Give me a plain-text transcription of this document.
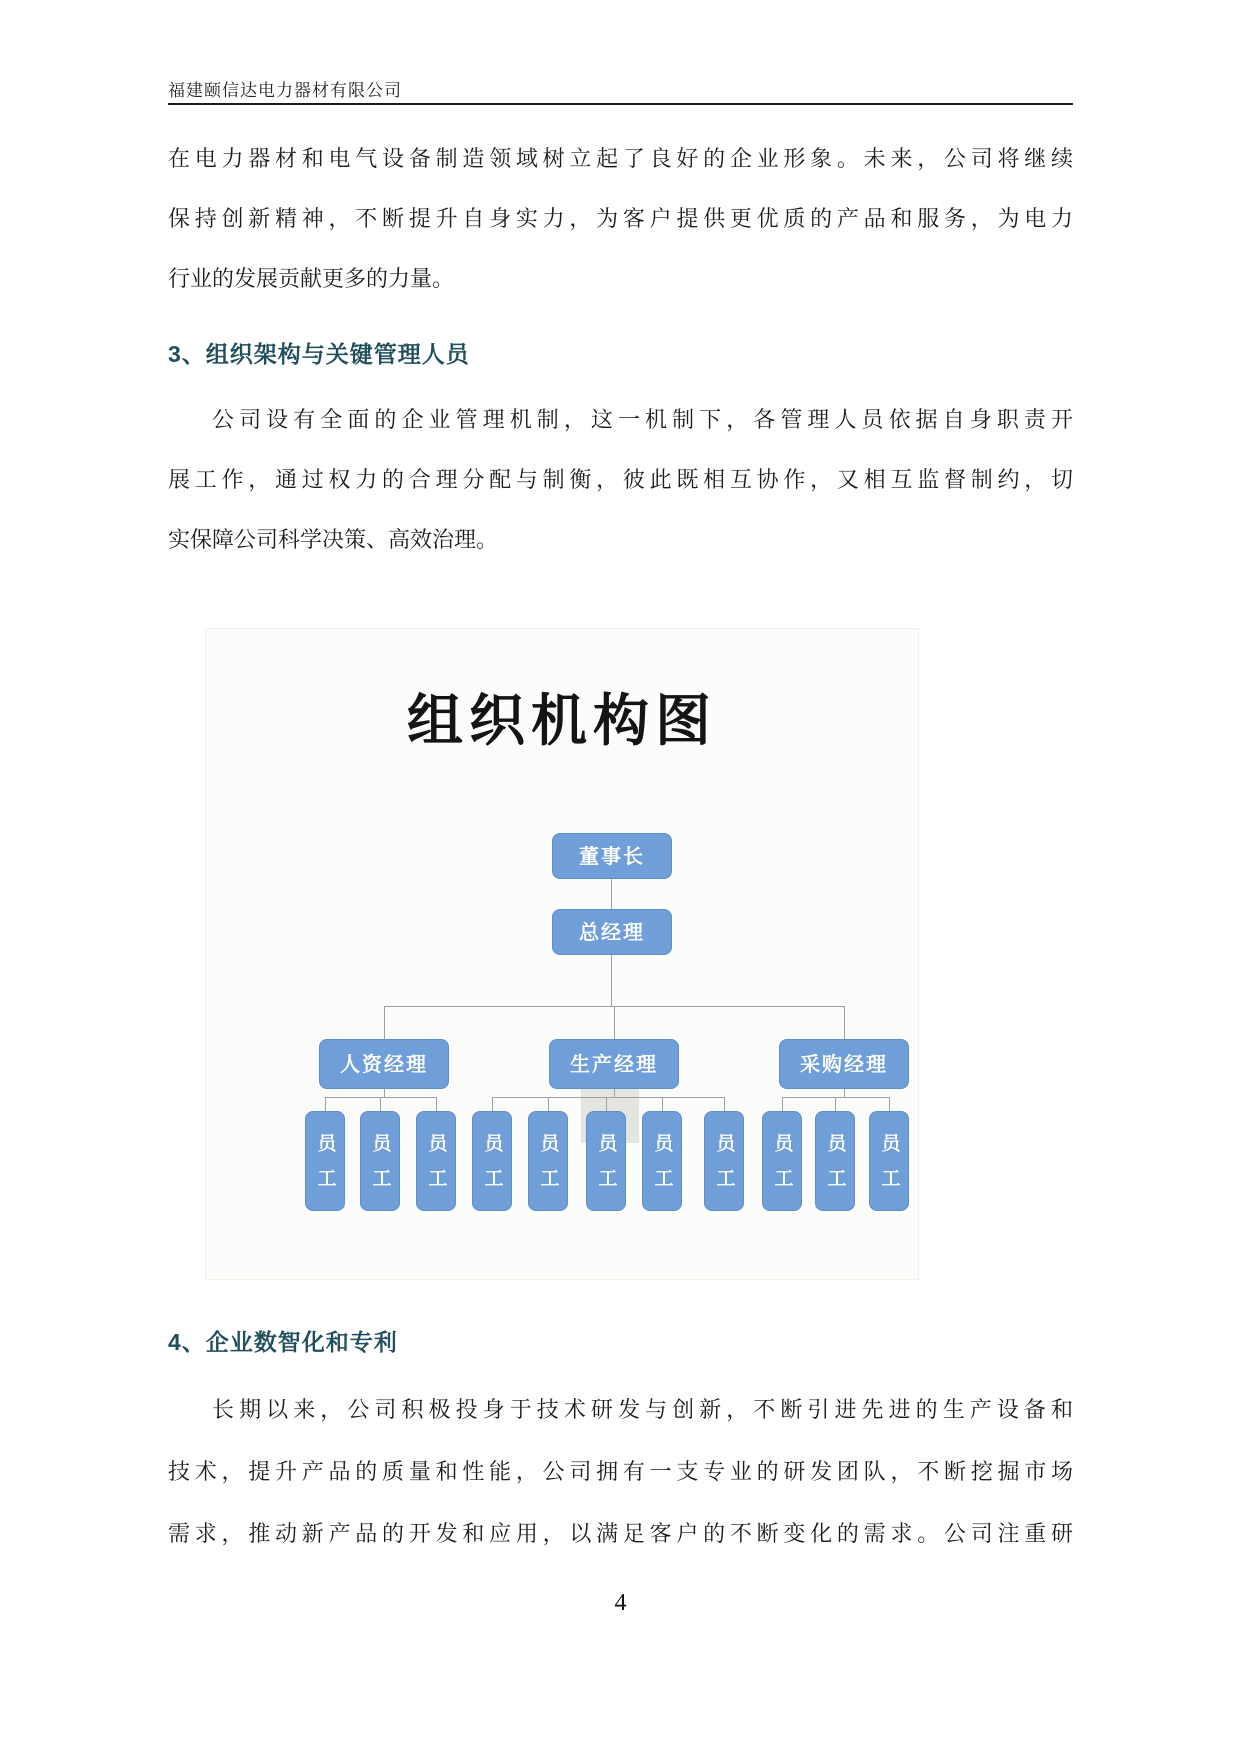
福建颐信达电力器材有限公司
在电力器材和电气设备制造领域树立起了良好的企业形象。未来，公司将继续
保持创新精神，不断提升自身实力，为客户提供更优质的产品和服务，为电力
行业的发展贡献更多的力量。
3、组织架构与关键管理人员
公司设有全面的企业管理机制，这一机制下，各管理人员依据自身职责开
展工作，通过权力的合理分配与制衡，彼此既相互协作，又相互监督制约，切
实保障公司科学决策、高效治理。
组织机构图
董事长
总经理
人资经理	生产经理	采购经理
员工	员工	员工	员工	员工	员工	员工	员工	员工	员工	员工
4、企业数智化和专利
长期以来，公司积极投身于技术研发与创新，不断引进先进的生产设备和
技术，提升产品的质量和性能，公司拥有一支专业的研发团队，不断挖掘市场
需求，推动新产品的开发和应用，以满足客户的不断变化的需求。公司注重研
4
